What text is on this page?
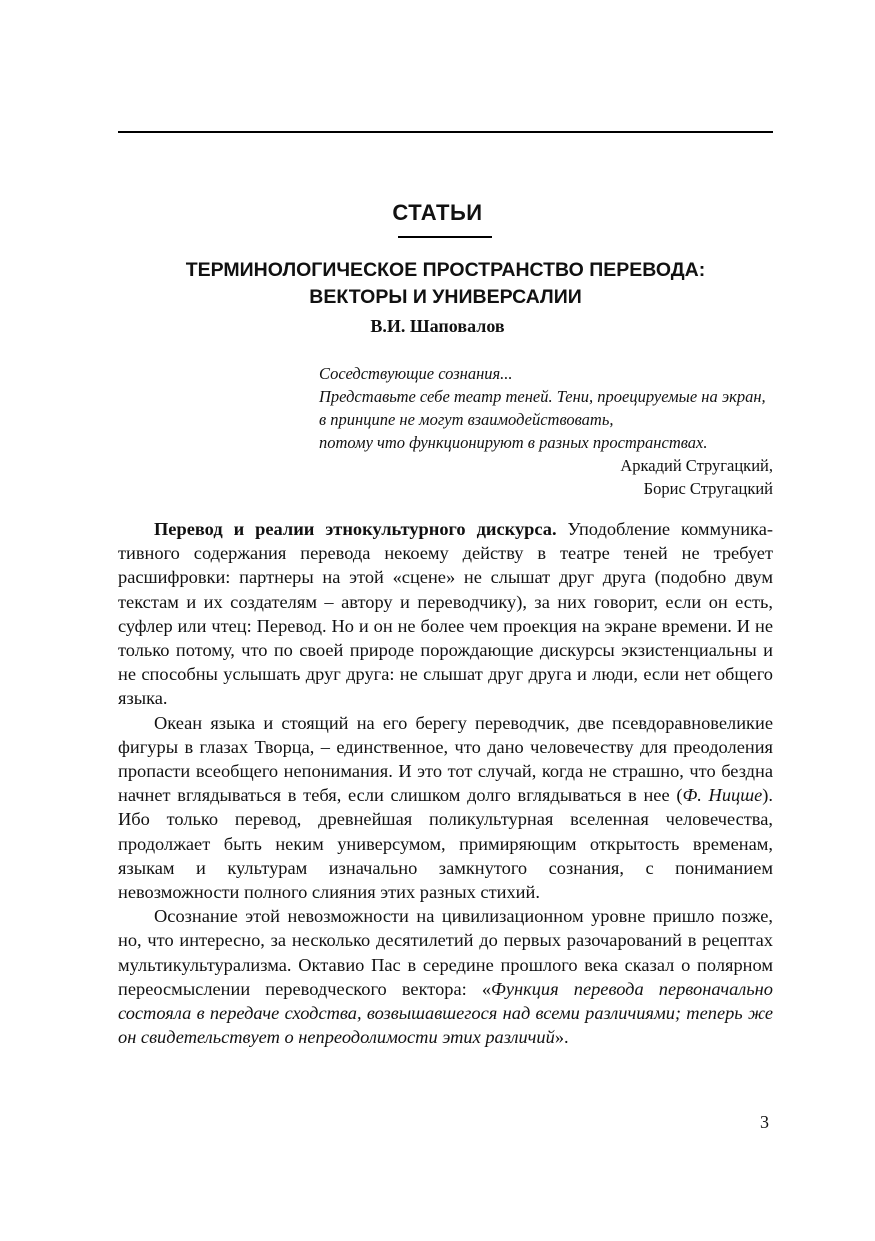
СТАТЬИ
ТЕРМИНОЛОГИЧЕСКОЕ ПРОСТРАНСТВО ПЕРЕВОДА:
ВЕКТОРЫ И УНИВЕРСАЛИИ
В.И. Шаповалов
Соседствующие сознания...
Представьте себе театр теней. Тени, проецируемые на экран,
в принципе не могут взаимодействовать,
потому что функционируют в разных пространствах.
Аркадий Стругацкий,
Борис Стругацкий

Перевод и реалии этнокультурного дискурса. Уподобление коммуникативного содержания перевода некоему действу в театре теней не требует расшифровки: партнеры на этой «сцене» не слышат друг друга (подобно двум текстам и их создателям – автору и переводчику), за них говорит, если он есть, суфлер или чтец: Перевод. Но и он не более чем проекция на экране времени. И не только потому, что по своей природе порождающие дискурсы экзистенциальны и не способны услышать друг друга: не слышат друг друга и люди, если нет общего языка.

Океан языка и стоящий на его берегу переводчик, две псевдоравновеликие фигуры в глазах Творца, – единственное, что дано человечеству для преодоления пропасти всеобщего непонимания. И это тот случай, когда не страшно, что бездна начнет вглядываться в тебя, если слишком долго вглядываться в нее (Ф. Ницше). Ибо только перевод, древнейшая поликультурная вселенная человечества, продолжает быть неким универсумом, примиряющим открытость временам, языкам и культурам изначально замкнутого сознания, с пониманием невозможности полного слияния этих разных стихий.

Осознание этой невозможности на цивилизационном уровне пришло позже, но, что интересно, за несколько десятилетий до первых разочарований в рецептах мультикультурализма. Октавио Пас в середине прошлого века сказал о полярном переосмыслении переводческого вектора: «Функция перевода первоначально состояла в передаче сходства, возвышавшегося над всеми различиями; теперь же он свидетельствует о непреодолимости этих различий».

3
